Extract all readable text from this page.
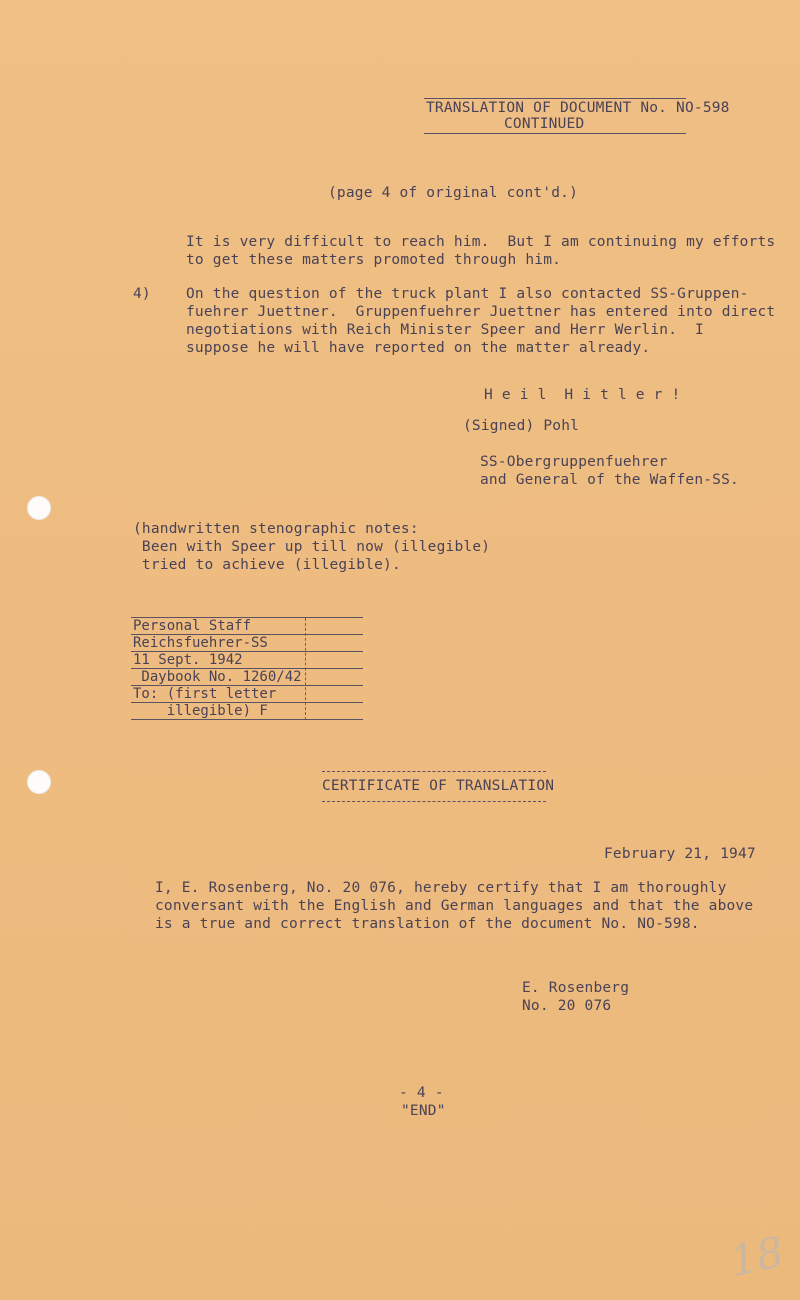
TRANSLATION OF DOCUMENT No. NO-598
CONTINUED
(page 4 of original cont'd.)
It is very difficult to reach him.  But I am continuing my efforts
to get these matters promoted through him.
4) On the question of the truck plant I also contacted SS-Gruppen-
fuehrer Juettner.  Gruppenfuehrer Juettner has entered into direct
negotiations with Reich Minister Speer and Herr Werlin.  I
suppose he will have reported on the matter already.
H e i l  H i t l e r !
(Signed) Pohl
SS-Obergruppenfuehrer
and General of the Waffen-SS.
(handwritten stenographic notes:
Been with Speer up till now (illegible)
tried to achieve (illegible).
Personal Staff
Reichsfuehrer-SS
11 Sept. 1942
Daybook No. 1260/42
To: (first letter
illegible) F
CERTIFICATE OF TRANSLATION
February 21, 1947
I, E. Rosenberg, No. 20 076, hereby certify that I am thoroughly
conversant with the English and German languages and that the above
is a true and correct translation of the document No. NO-598.
E. Rosenberg
No. 20 076
- 4 -
"END"
18
